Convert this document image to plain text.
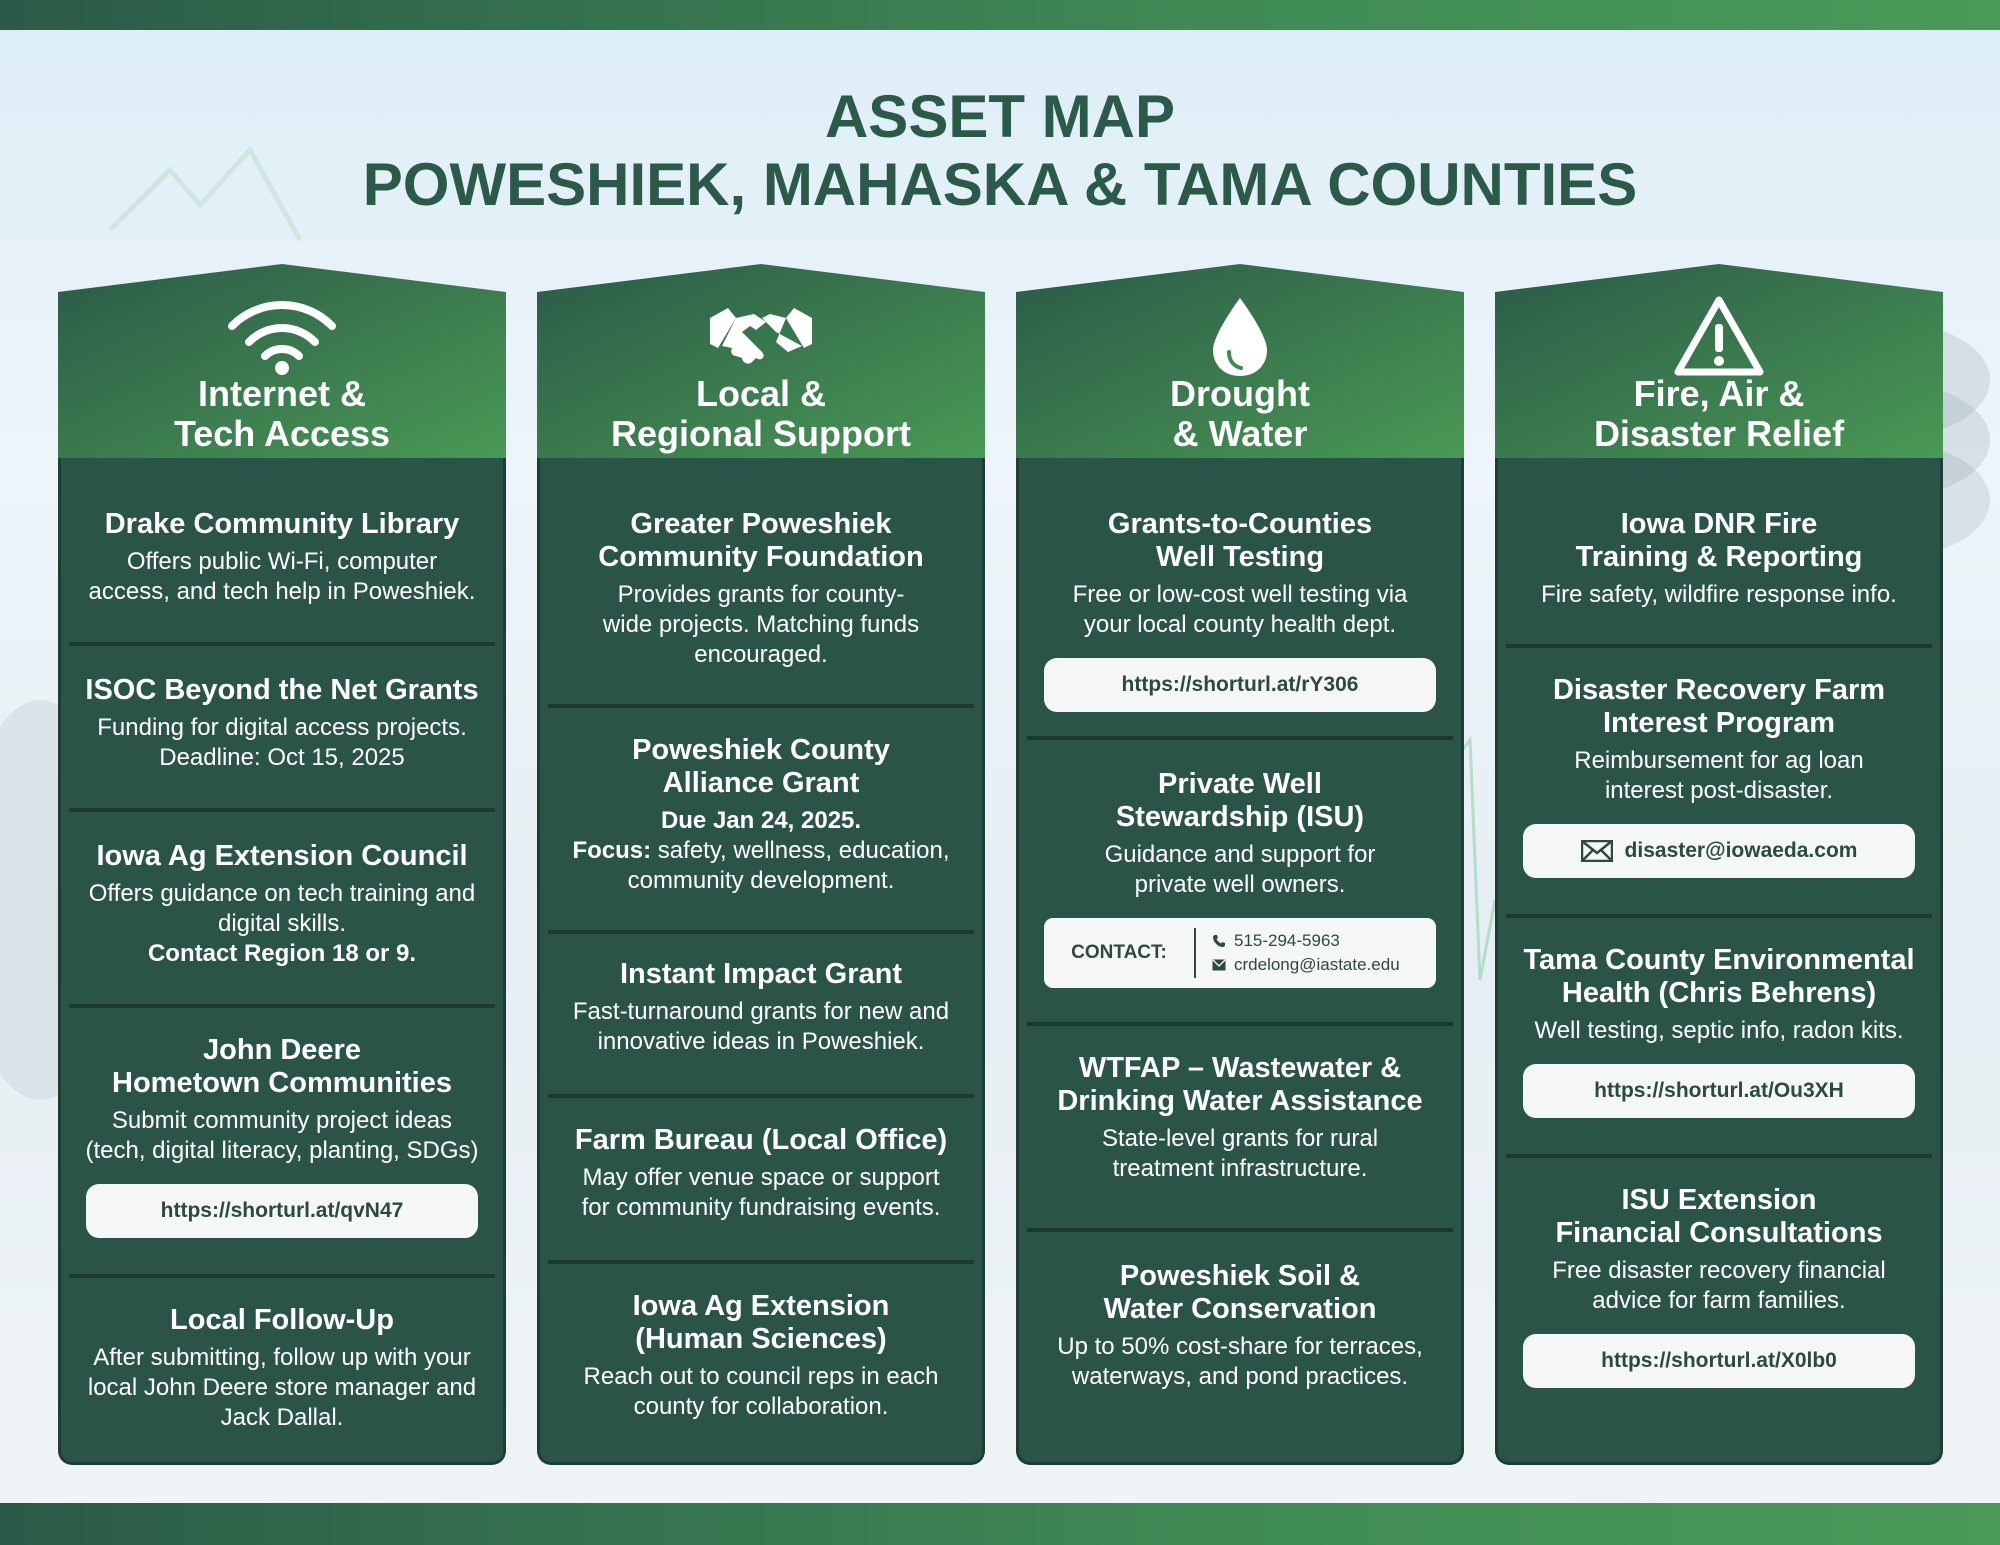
ASSET MAP
POWESHIEK, MAHASKA & TAMA COUNTIES
Internet &
Tech Access
Drake Community Library
Offers public Wi-Fi, computer
access, and tech help in Poweshiek.
ISOC Beyond the Net Grants
Funding for digital access projects.
Deadline: Oct 15, 2025
Iowa Ag Extension Council
Offers guidance on tech training and
digital skills.
Contact Region 18 or 9.
John Deere
Hometown Communities
Submit community project ideas
(tech, digital literacy, planting, SDGs)
https://shorturl.at/qvN47
Local Follow-Up
After submitting, follow up with your
local John Deere store manager and
Jack Dallal.
Local &
Regional Support
Greater Poweshiek
Community Foundation
Provides grants for county-
wide projects. Matching funds
encouraged.
Poweshiek County
Alliance Grant
Due Jan 24, 2025.
Focus: safety, wellness, education,
community development.
Instant Impact Grant
Fast-turnaround grants for new and
innovative ideas in Poweshiek.
Farm Bureau (Local Office)
May offer venue space or support
for community fundraising events.
Iowa Ag Extension
(Human Sciences)
Reach out to council reps in each
county for collaboration.
Drought
& Water
Grants-to-Counties
Well Testing
Free or low-cost well testing via
your local county health dept.
https://shorturl.at/rY306
Private Well
Stewardship (ISU)
Guidance and support for
private well owners.
CONTACT:
515-294-5963
crdelong@iastate.edu
WTFAP – Wastewater &
Drinking Water Assistance
State-level grants for rural
treatment infrastructure.
Poweshiek Soil &
Water Conservation
Up to 50% cost-share for terraces,
waterways, and pond practices.
Fire, Air &
Disaster Relief
Iowa DNR Fire
Training & Reporting
Fire safety, wildfire response info.
Disaster Recovery Farm
Interest Program
Reimbursement for ag loan
interest post-disaster.
disaster@iowaeda.com
Tama County Environmental
Health (Chris Behrens)
Well testing, septic info, radon kits.
https://shorturl.at/Ou3XH
ISU Extension
Financial Consultations
Free disaster recovery financial
advice for farm families.
https://shorturl.at/X0lb0
